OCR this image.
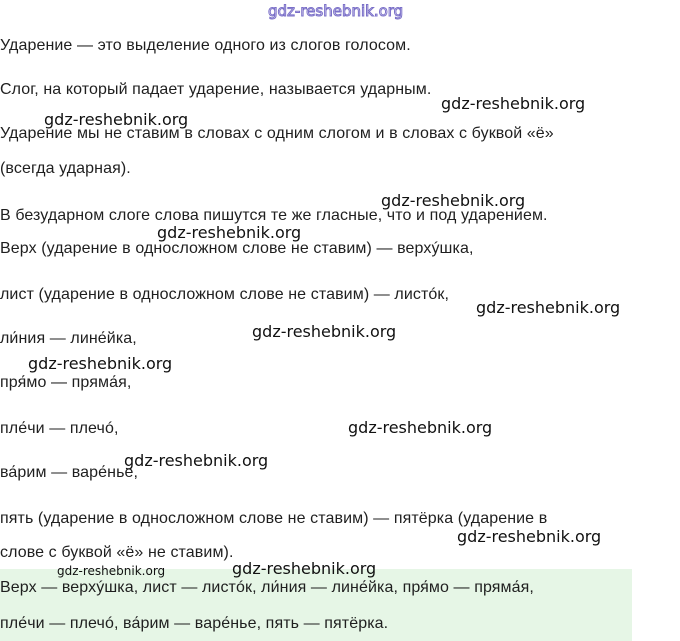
Ударение — это выделение одного из слогов голосом.

Слог, на который падает ударение, называется ударным.

Ударение мы не ставим в словах с одним слогом и в словах с буквой «ё»

(всегда ударная).

В безударном слоге слова пишутся те же гласные, что и под ударением.

Верх (ударение в односложном слове не ставим) — верхýшка,

лист (ударение в односложном слове не ставим) — листóк,

ли́ния — лине́йка,

пря́мо — пряма́я,

пле́чи — плечó,

ва́рим — варе́нье,

пять (ударение в односложном слове не ставим) — пятёрка (ударение в

слове с буквой «ё» не ставим).

Верх — верхýшка, лист — листóк, ли́ния — лине́йка, пря́мо — пряма́я,

пле́чи — плечó, ва́рим — варе́нье, пять — пятёрка.

gdz-reshebnik.org
gdz-reshebnik.org
gdz-reshebnik.org
gdz-reshebnik.org
gdz-reshebnik.org
gdz-reshebnik.org
gdz-reshebnik.org
gdz-reshebnik.org
gdz-reshebnik.org
gdz-reshebnik.org
gdz-reshebnik.org
gdz-reshebnik.org
gdz-reshebnik.org
